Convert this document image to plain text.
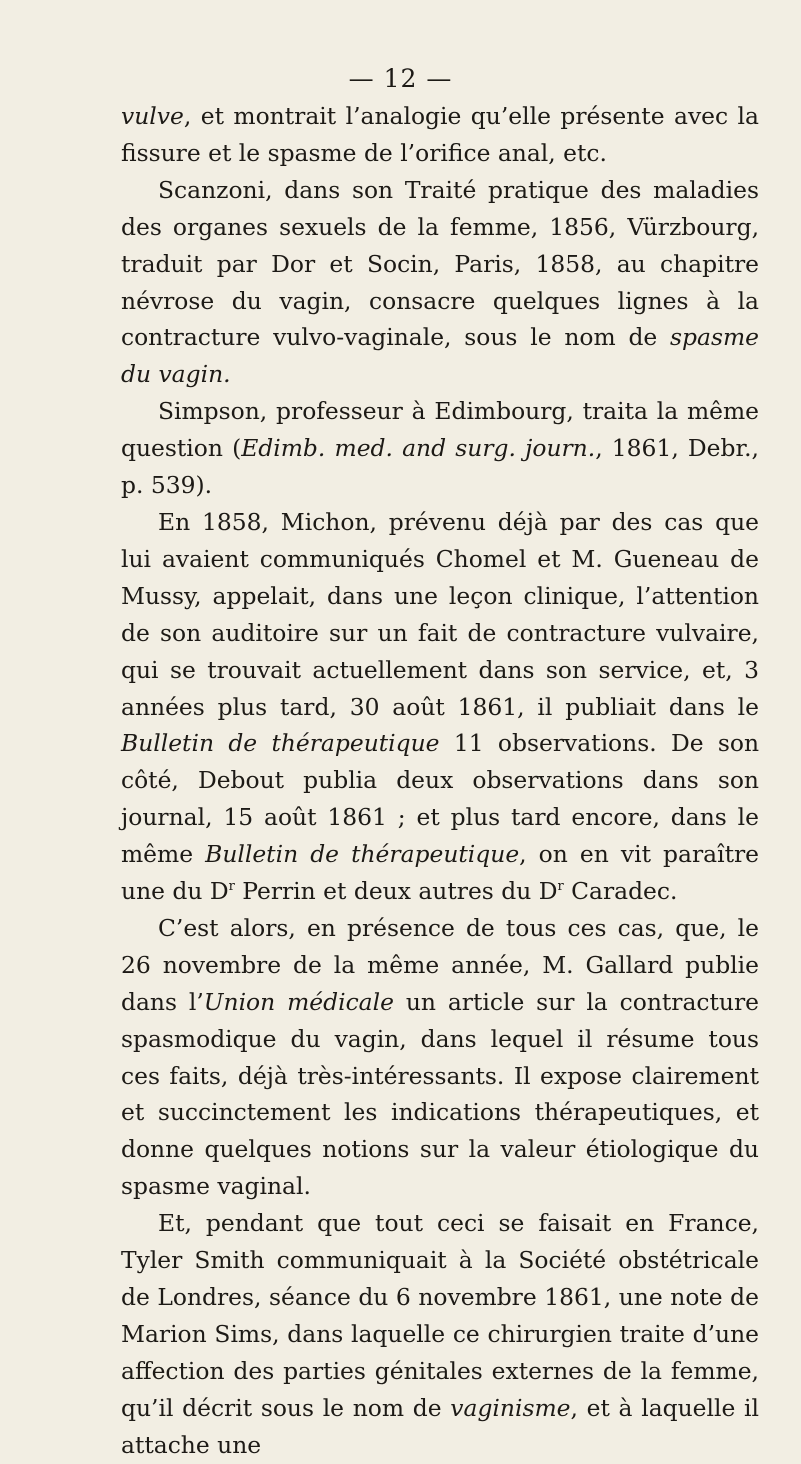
— 12 —

vulve, et montrait l’analogie qu’elle présente avec la fissure et le spasme de l’orifice anal, etc.

Scanzoni, dans son Traité pratique des maladies des organes sexuels de la femme, 1856, Vürzbourg, traduit par Dor et Socin, Paris, 1858, au chapitre névrose du vagin, consacre quelques lignes à la contracture vulvo-vaginale, sous le nom de spasme du vagin.

Simpson, professeur à Edimbourg, traita la même question (Edimb. med. and surg. journ., 1861, Debr., p. 539).

En 1858, Michon, prévenu déjà par des cas que lui avaient communiqués Chomel et M. Gueneau de Mussy, appelait, dans une leçon clinique, l’attention de son auditoire sur un fait de contracture vulvaire, qui se trouvait actuellement dans son service, et, 3 années plus tard, 30 août 1861, il publiait dans le Bulletin de thérapeutique 11 observations. De son côté, Debout publia deux observations dans son journal, 15 août 1861 ; et plus tard encore, dans le même Bulletin de thérapeutique, on en vit paraître une du $D^r$ Perrin et deux autres du $D^r$ Caradec.

C’est alors, en présence de tous ces cas, que, le 26 novembre de la même année, M. Gallard publie dans l’Union médicale un article sur la contracture spasmodique du vagin, dans lequel il résume tous ces faits, déjà très-intéressants. Il expose clairement et succinctement les indications thérapeutiques, et donne quelques notions sur la valeur étiologique du spasme vaginal.

Et, pendant que tout ceci se faisait en France, Tyler Smith communiquait à la Société obstétricale de Londres, séance du 6 novembre 1861, une note de Marion Sims, dans laquelle ce chirurgien traite d’une affection des parties génitales externes de la femme, qu’il décrit sous le nom de vaginisme, et à laquelle il attache une
